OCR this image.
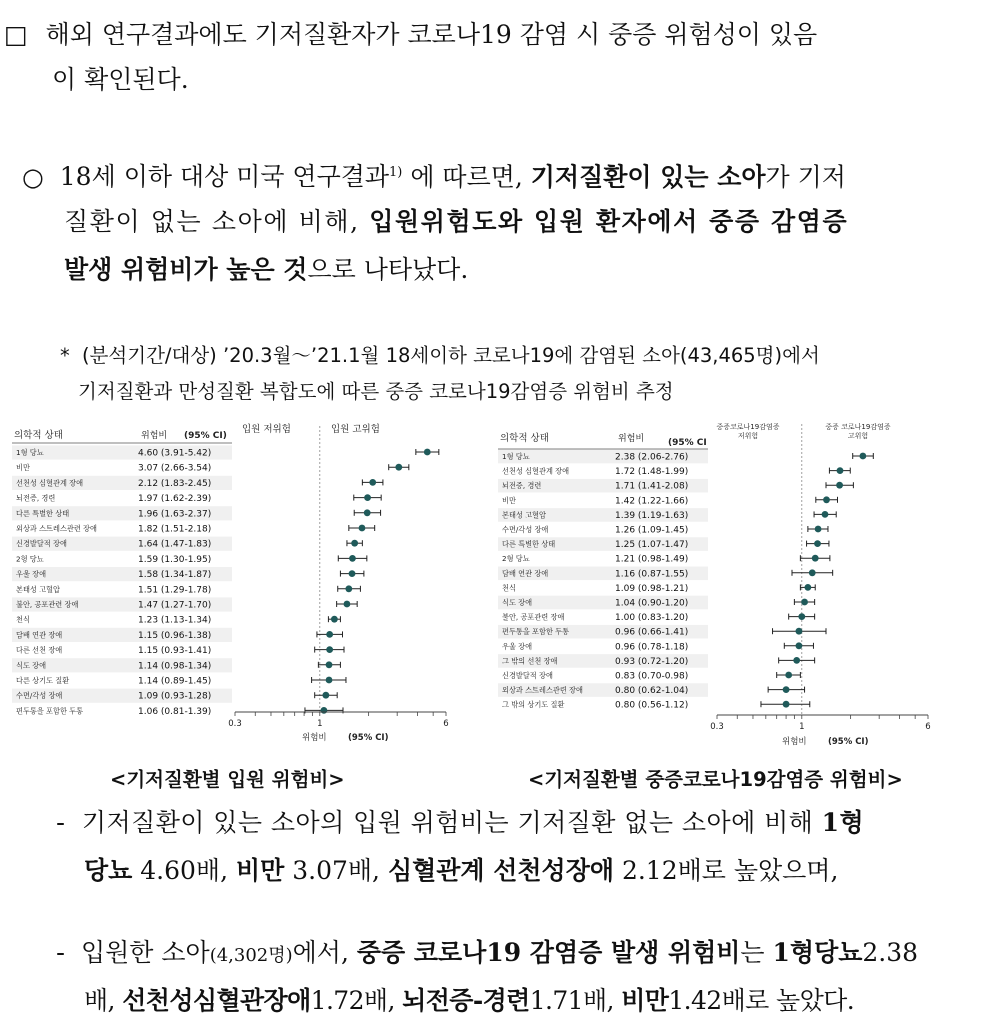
□ 해외 연구결과에도 기저질환자가 코로나19 감염 시 중증 위험성이 있음
이 확인된다.
○ 18세 이하 대상 미국 연구결과$^{1)}$ 에 따르면, 기저질환이 있는 소아가 기저
질환이 없는 소아에 비해, 입원위험도와 입원 환자에서 중증 감염증
발생 위험비가 높은 것으로 나타났다.
* (분석기간/대상) ’20.3월～’21.1월 18세이하 코로나19에 감염된 소아(43,465명)에서
기저질환과 만성질환 복합도에 따른 중증 코로나19감염증 위험비 추정
의학적 상태	위험비 (95% CI)
입원 저위험	입원 고위험
1형 당뇨	4.60 (3.91-5.42)
비만	3.07 (2.66-3.54)
선천성 심혈관계 장애	2.12 (1.83-2.45)
뇌전증, 경련	1.97 (1.62-2.39)
다른 특별한 상태	1.96 (1.63-2.37)
외상과 스트레스관련 장애	1.82 (1.51-2.18)
신경발달적 장애	1.64 (1.47-1.83)
2형 당뇨	1.59 (1.30-1.95)
우울 장애	1.58 (1.34-1.87)
본태성 고혈압	1.51 (1.29-1.78)
불안, 공포관련 장애	1.47 (1.27-1.70)
천식	1.23 (1.13-1.34)
담배 연관 장애	1.15 (0.96-1.38)
다른 선천 장애	1.15 (0.93-1.41)
식도 장애	1.14 (0.98-1.34)
다른 상기도 질환	1.14 (0.89-1.45)
수면/각성 장애	1.09 (0.93-1.28)
편두통을 포함한 두통	1.06 (0.81-1.39)
0.3	1	6
위험비	(95% CI)
의학적 상태	위험비	(95% CI
중증코로나19감염증
저위험
중증 코로나19감염증
고위험
1형 당뇨	2.38 (2.06-2.76)
선천성 심혈관계 장애	1.72 (1.48-1.99)
뇌전증, 경련	1.71 (1.41-2.08)
비만	1.42 (1.22-1.66)
본태성 고혈압	1.39 (1.19-1.63)
수면/각성 장애	1.26 (1.09-1.45)
다른 특별한 상태	1.25 (1.07-1.47)
2형 당뇨	1.21 (0.98-1.49)
담배 연관 장애	1.16 (0.87-1.55)
천식	1.09 (0.98-1.21)
식도 장애	1.04 (0.90-1.20)
불안, 공포관련 장애	1.00 (0.83-1.20)
편두통을 포함한 두통	0.96 (0.66-1.41)
우울 장애	0.96 (0.78-1.18)
그 밖의 선천 장애	0.93 (0.72-1.20)
신경발달적 장애	0.83 (0.70-0.98)
외상과 스트레스관련 장애	0.80 (0.62-1.04)
그 밖의 상기도 질환	0.80 (0.56-1.12)
0.3	1	6
위험비	(95% CI)
<기저질환별 입원 위험비>	<기저질환별 중증코로나19감염증 위험비>
- 기저질환이 있는 소아의 입원 위험비는 기저질환 없는 소아에 비해 1형
당뇨 4.60배, 비만 3.07배, 심혈관계 선천성장애 2.12배로 높았으며,
- 입원한 소아(4,302명)에서, 중증 코로나19 감염증 발생 위험비는 1형당뇨2.38
배, 선천성심혈관장애1.72배, 뇌전증-경련1.71배, 비만1.42배로 높았다.
